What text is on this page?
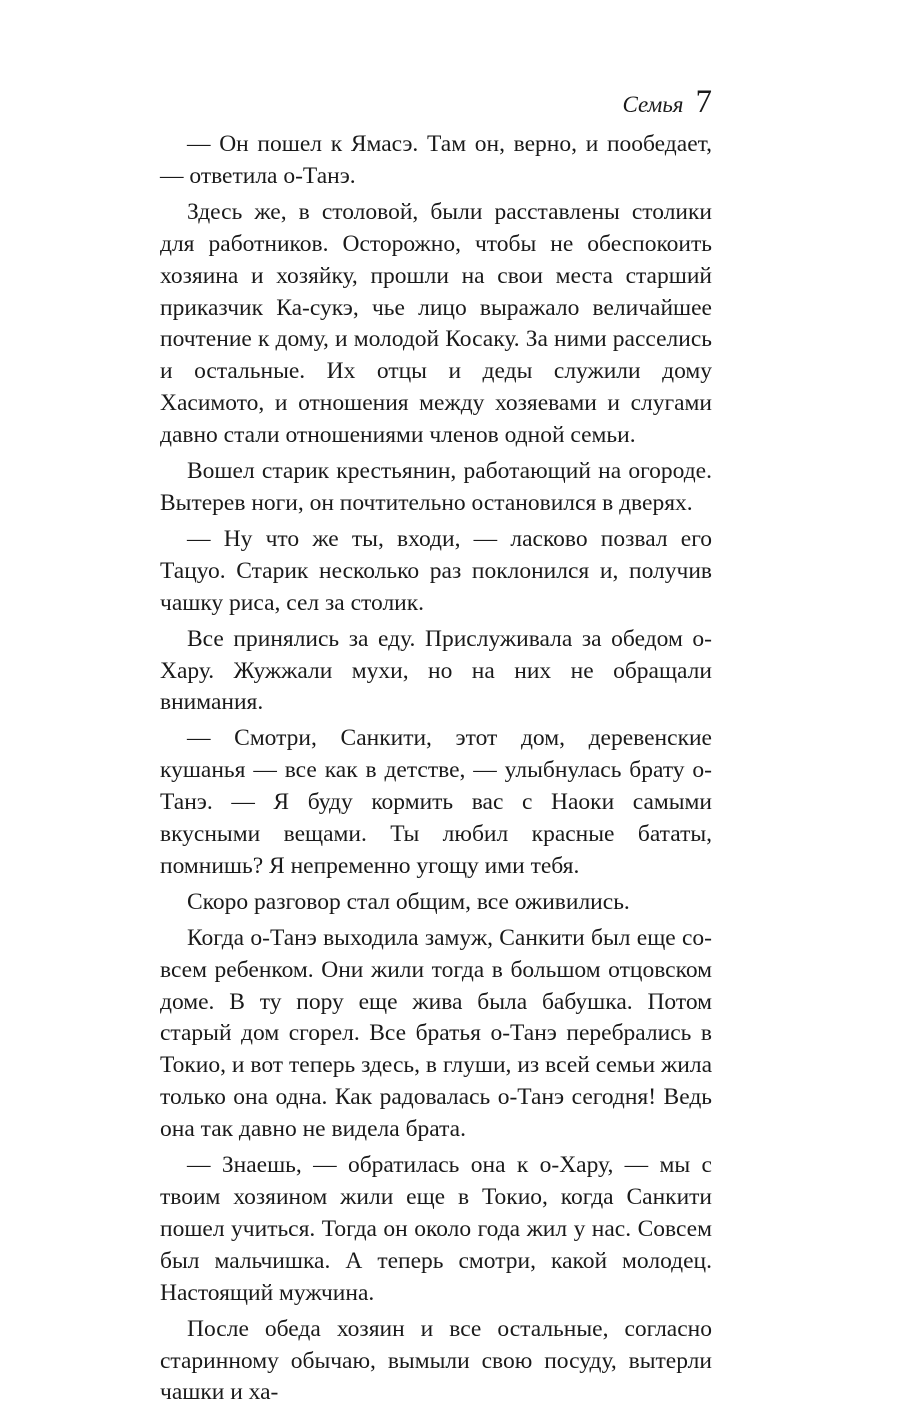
Семья 7

— Он пошел к Ямасэ. Там он, верно, и пообедает, — ответила о-Танэ.

Здесь же, в столовой, были расставлены столики для работников. Осторожно, чтобы не обеспокоить хозяина и хозяйку, прошли на свои места старший приказчик Ка-сукэ, чье лицо выражало величайшее почтение к дому, и молодой Косаку. За ними расселись и остальные. Их отцы и деды служили дому Хасимото, и отношения между хозяевами и слугами давно стали отношениями членов одной семьи.

Вошел старик крестьянин, работающий на огороде. Вытерев ноги, он почтительно остановился в дверях.

— Ну что же ты, входи, — ласково позвал его Тацуо. Старик несколько раз поклонился и, получив чашку риса, сел за столик.

Все принялись за еду. Прислуживала за обедом о-Хару. Жужжали мухи, но на них не обращали внимания.

— Смотри, Санкити, этот дом, деревенские кушанья — все как в детстве, — улыбнулась брату о-Танэ. — Я буду кормить вас с Наоки самыми вкусными вещами. Ты любил красные бататы, помнишь? Я непременно угощу ими тебя.

Скоро разговор стал общим, все оживились.

Когда о-Танэ выходила замуж, Санкити был еще совсем ребенком. Они жили тогда в большом отцовском доме. В ту пору еще жива была бабушка. Потом старый дом сгорел. Все братья о-Танэ перебрались в Токио, и вот теперь здесь, в глуши, из всей семьи жила только она одна. Как радовалась о-Танэ сегодня! Ведь она так давно не видела брата.

— Знаешь, — обратилась она к о-Хару, — мы с твоим хозяином жили еще в Токио, когда Санкити пошел учиться. Тогда он около года жил у нас. Совсем был мальчишка. А теперь смотри, какой молодец. Настоящий мужчина.

После обеда хозяин и все остальные, согласно старинному обычаю, вымыли свою посуду, вытерли чашки и ха-
